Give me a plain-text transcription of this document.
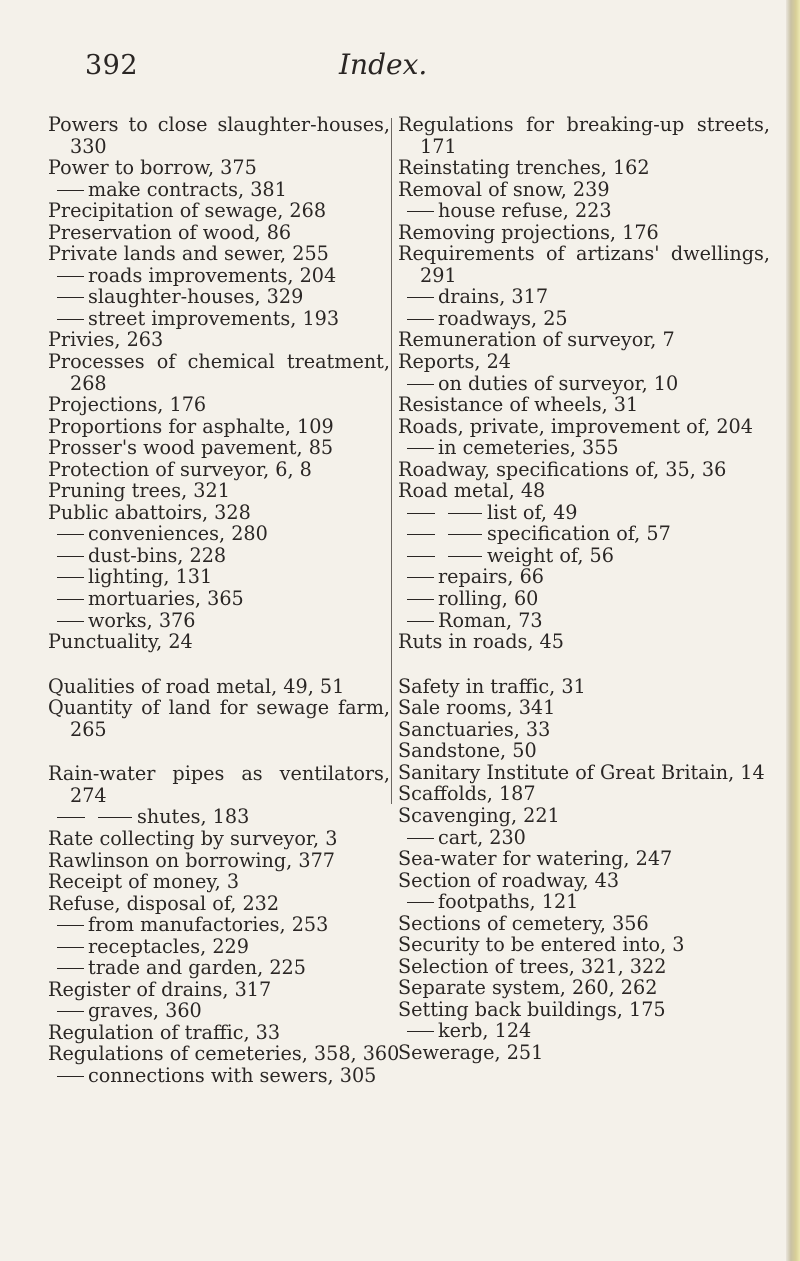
392	Index.
Powers to close slaughter-houses, 330
Power to borrow, 375
make contracts, 381
Precipitation of sewage, 268
Preservation of wood, 86
Private lands and sewer, 255
roads improvements, 204
slaughter-houses, 329
street improvements, 193
Privies, 263
Processes of chemical treatment, 268
Projections, 176
Proportions for asphalte, 109
Prosser's wood pavement, 85
Protection of surveyor, 6, 8
Pruning trees, 321
Public abattoirs, 328
conveniences, 280
dust-bins, 228
lighting, 131
mortuaries, 365
works, 376
Punctuality, 24
Qualities of road metal, 49, 51
Quantity of land for sewage farm, 265
Rain-water pipes as ventilators, 274
shutes, 183
Rate collecting by surveyor, 3
Rawlinson on borrowing, 377
Receipt of money, 3
Refuse, disposal of, 232
from manufactories, 253
receptacles, 229
trade and garden, 225
Register of drains, 317
graves, 360
Regulation of traffic, 33
Regulations of cemeteries, 358, 360
connections with sewers, 305
Regulations for breaking-up streets, 171
Reinstating trenches, 162
Removal of snow, 239
house refuse, 223
Removing projections, 176
Requirements of artizans' dwellings, 291
drains, 317
roadways, 25
Remuneration of surveyor, 7
Reports, 24
on duties of surveyor, 10
Resistance of wheels, 31
Roads, private, improvement of, 204
in cemeteries, 355
Roadway, specifications of, 35, 36
Road metal, 48
list of, 49
specification of, 57
weight of, 56
repairs, 66
rolling, 60
Roman, 73
Ruts in roads, 45
Safety in traffic, 31
Sale rooms, 341
Sanctuaries, 33
Sandstone, 50
Sanitary Institute of Great Britain, 14
Scaffolds, 187
Scavenging, 221
cart, 230
Sea-water for watering, 247
Section of roadway, 43
footpaths, 121
Sections of cemetery, 356
Security to be entered into, 3
Selection of trees, 321, 322
Separate system, 260, 262
Setting back buildings, 175
kerb, 124
Sewerage, 251
